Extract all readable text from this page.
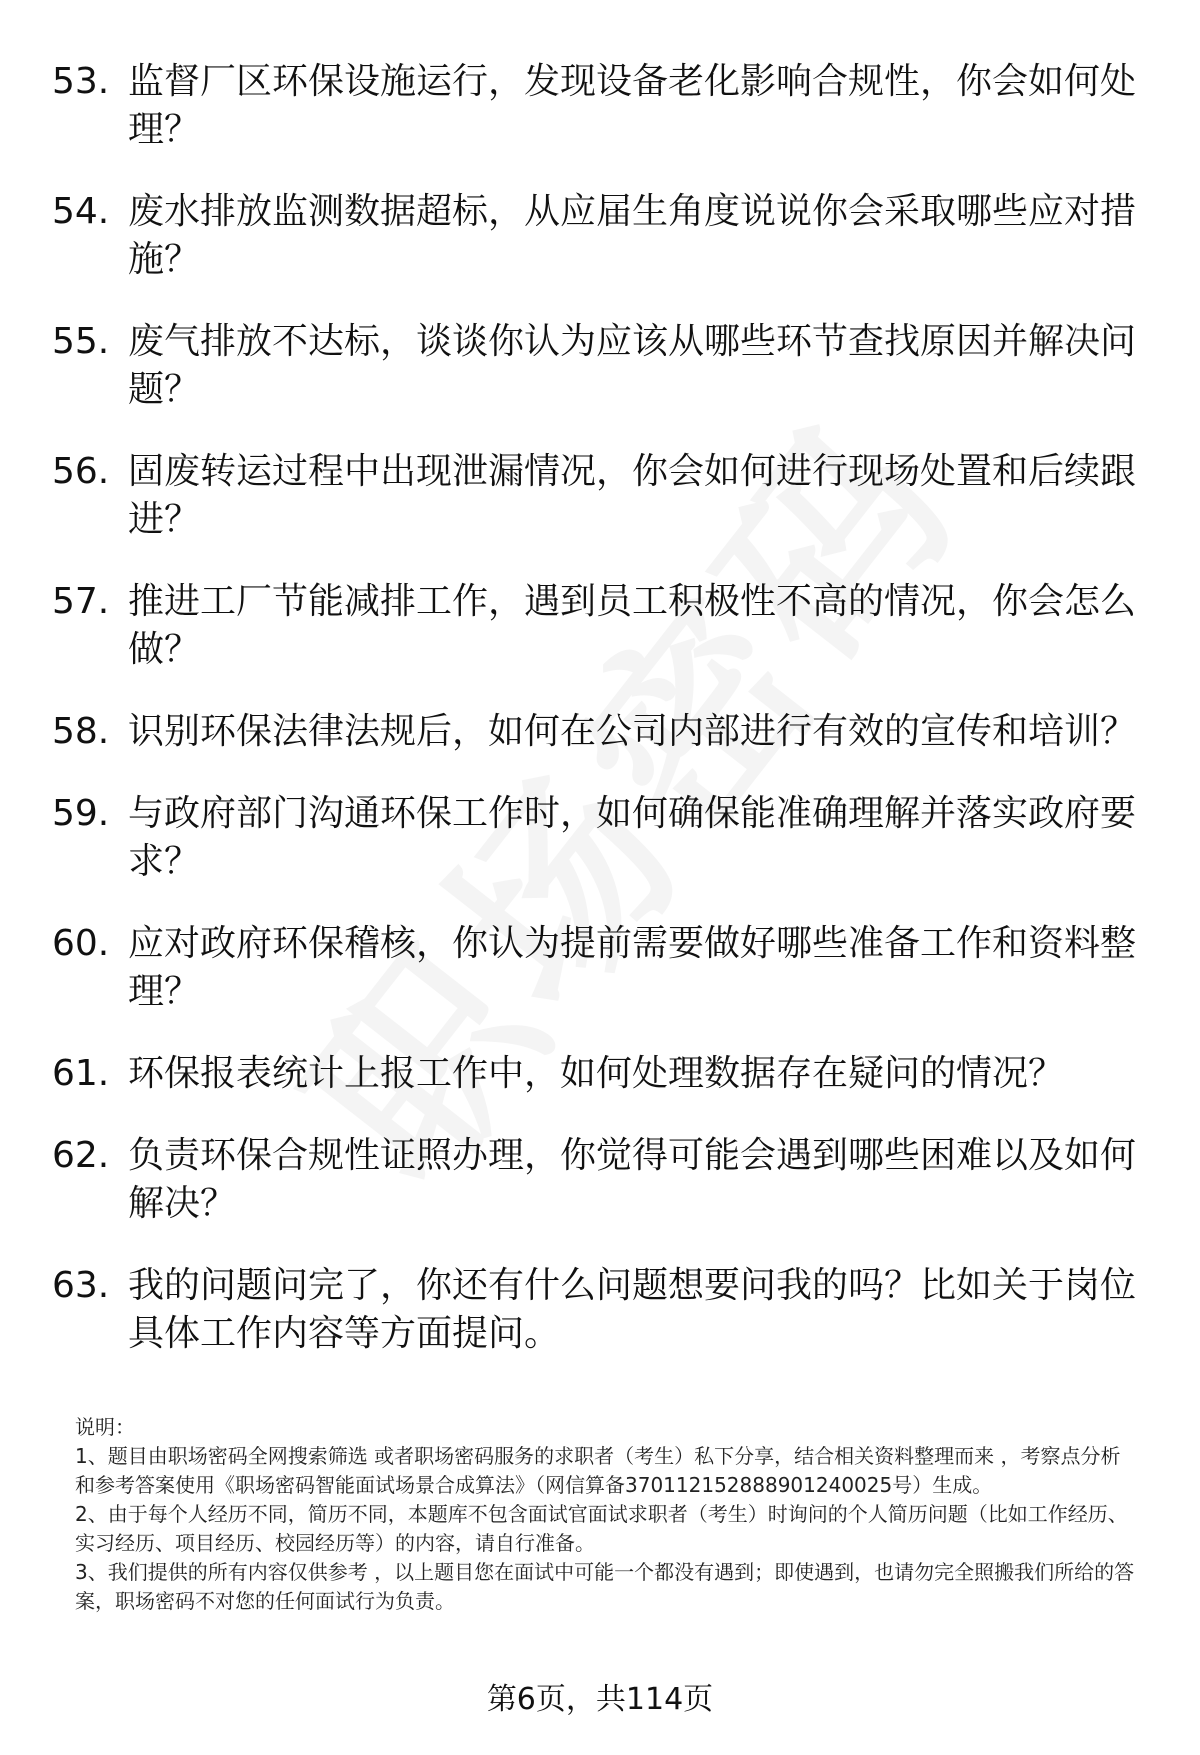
53. 监督厂区环保设施运行，发现设备老化影响合规性，你会如何处理？
54. 废水排放监测数据超标，从应届生角度说说你会采取哪些应对措施？
55. 废气排放不达标，谈谈你认为应该从哪些环节查找原因并解决问题？
56. 固废转运过程中出现泄漏情况，你会如何进行现场处置和后续跟进？
57. 推进工厂节能减排工作，遇到员工积极性不高的情况，你会怎么做？
58. 识别环保法律法规后，如何在公司内部进行有效的宣传和培训？
59. 与政府部门沟通环保工作时，如何确保能准确理解并落实政府要求？
60. 应对政府环保稽核，你认为提前需要做好哪些准备工作和资料整理？
61. 环保报表统计上报工作中，如何处理数据存在疑问的情况？
62. 负责环保合规性证照办理，你觉得可能会遇到哪些困难以及如何解决？
63. 我的问题问完了，你还有什么问题想要问我的吗？比如关于岗位具体工作内容等方面提问。

说明：

1、题目由职场密码全网搜索筛选 或者职场密码服务的求职者（考生）私下分享，结合相关资料整理而来 ，考察点分析和参考答案使用《职场密码智能面试场景合成算法》（网信算备370112152888901240025号）生成。

2、由于每个人经历不同，简历不同，本题库不包含面试官面试求职者（考生）时询问的个人简历问题（比如工作经历、实习经历、项目经历、校园经历等）的内容，请自行准备。

3、我们提供的所有内容仅供参考 ，以上题目您在面试中可能一个都没有遇到；即使遇到，也请勿完全照搬我们所给的答案，职场密码不对您的任何面试行为负责。

第6页，共114页
